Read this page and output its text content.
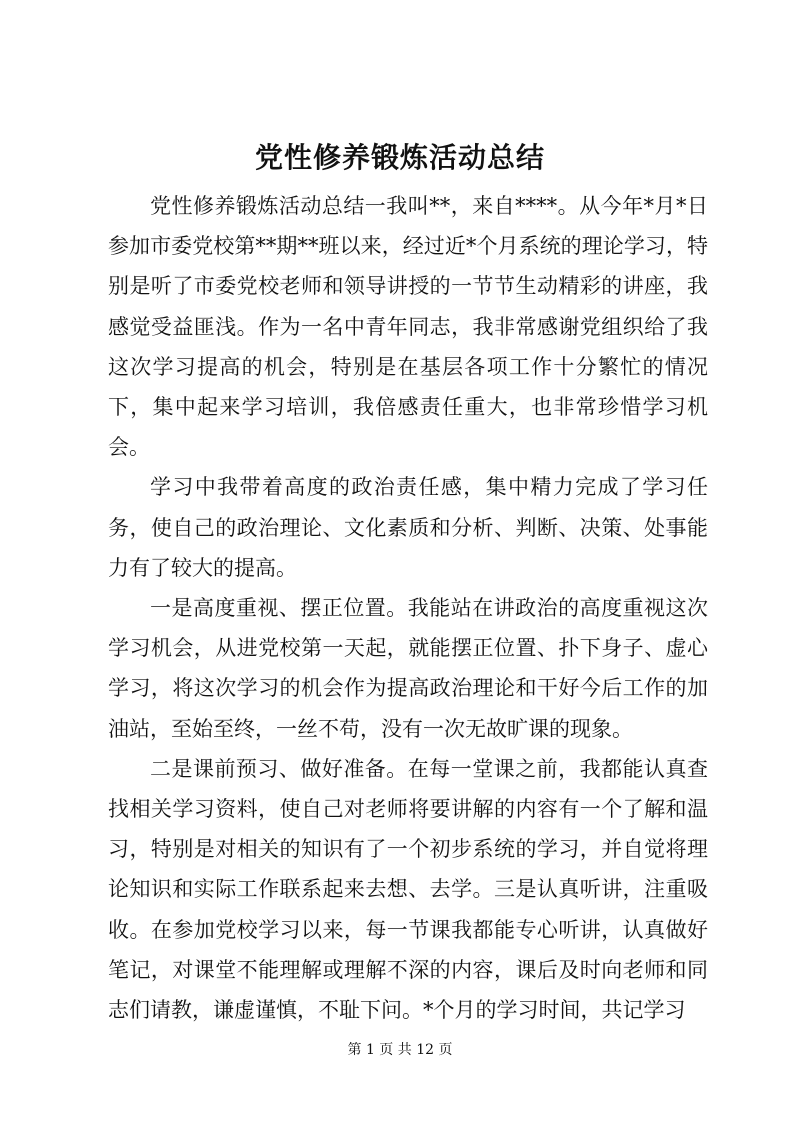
党性修养锻炼活动总结

党性修养锻炼活动总结一我叫**，来自****。从今年*月*日参加市委党校第**期**班以来，经过近*个月系统的理论学习，特别是听了市委党校老师和领导讲授的一节节生动精彩的讲座，我感觉受益匪浅。作为一名中青年同志，我非常感谢党组织给了我这次学习提高的机会，特别是在基层各项工作十分繁忙的情况下，集中起来学习培训，我倍感责任重大，也非常珍惜学习机会。

学习中我带着高度的政治责任感，集中精力完成了学习任务，使自己的政治理论、文化素质和分析、判断、决策、处事能力有了较大的提高。

一是高度重视、摆正位置。我能站在讲政治的高度重视这次学习机会，从进党校第一天起，就能摆正位置、扑下身子、虚心学习，将这次学习的机会作为提高政治理论和干好今后工作的加油站，至始至终，一丝不苟，没有一次无故旷课的现象。

二是课前预习、做好准备。在每一堂课之前，我都能认真查找相关学习资料，使自己对老师将要讲解的内容有一个了解和温习，特别是对相关的知识有了一个初步系统的学习，并自觉将理论知识和实际工作联系起来去想、去学。三是认真听讲，注重吸收。在参加党校学习以来，每一节课我都能专心听讲，认真做好笔记，对课堂不能理解或理解不深的内容，课后及时向老师和同志们请教，谦虚谨慎，不耻下问。*个月的学习时间，共记学习

第 1 页 共 12 页
